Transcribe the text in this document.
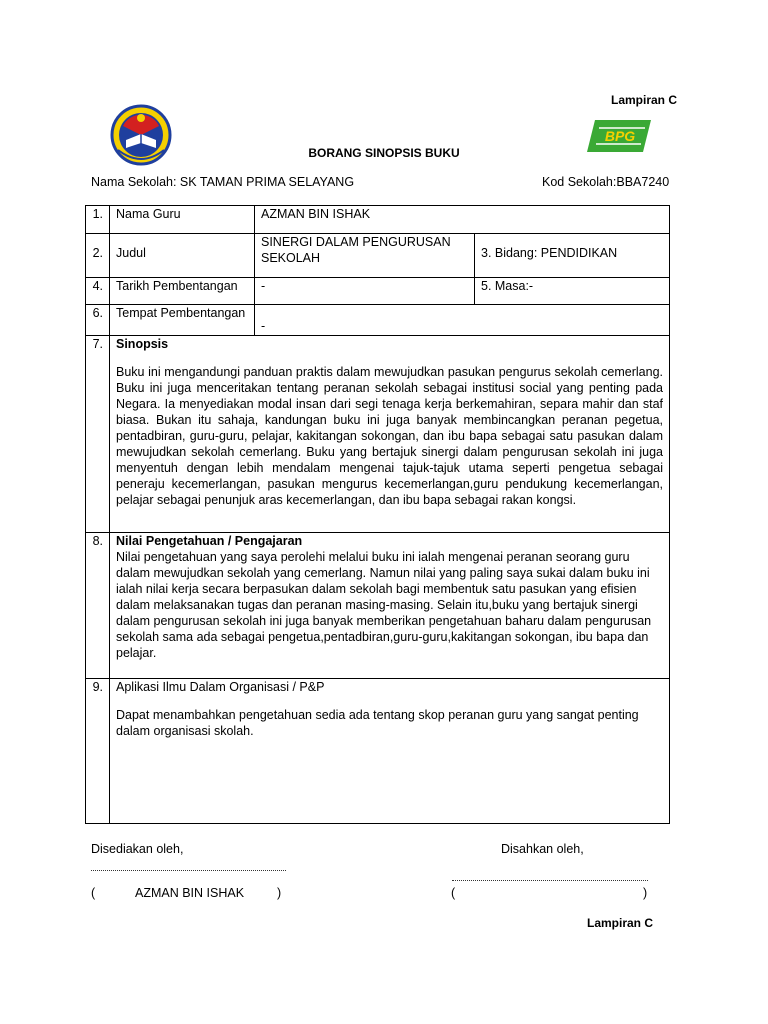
Lampiran C
BPG
BORANG SINOPSIS BUKU
Nama Sekolah: SK TAMAN PRIMA SELAYANG	Kod Sekolah:BBA7240
1.	Nama Guru	AZMAN BIN ISHAK	
2.	Judul	SINERGI DALAM PENGURUSAN SEKOLAH	3. Bidang: PENDIDIKAN
4.	Tarikh Pembentangan	-	5. Masa:-
6.	Tempat Pembentangan	-	
7.	Sinopsis
Buku ini mengandungi panduan praktis dalam mewujudkan pasukan pengurus sekolah cemerlang. Buku ini juga menceritakan tentang peranan sekolah sebagai institusi social yang penting pada Negara. Ia menyediakan modal insan dari segi tenaga kerja berkemahiran, separa mahir dan staf biasa. Bukan itu sahaja, kandungan buku ini juga banyak membincangkan peranan pegetua, pentadbiran, guru-guru, pelajar, kakitangan sokongan, dan ibu bapa sebagai satu pasukan dalam mewujudkan sekolah cemerlang. Buku yang bertajuk sinergi dalam pengurusan sekolah ini juga menyentuh dengan lebih mendalam mengenai tajuk-tajuk utama seperti pengetua sebagai peneraju kecemerlangan, pasukan mengurus kecemerlangan,guru pendukung kecemerlangan, pelajar sebagai penunjuk aras kecemerlangan, dan ibu bapa sebagai rakan kongsi.		

8.	Nilai Pengetahuan / Pengajaran
Nilai pengetahuan yang saya perolehi melalui buku ini ialah mengenai peranan seorang guru dalam mewujudkan sekolah yang cemerlang. Namun nilai yang paling saya sukai dalam buku ini ialah nilai kerja secara berpasukan dalam sekolah bagi membentuk satu pasukan yang efisien dalam melaksanakan tugas dan peranan masing-masing. Selain itu,buku yang bertajuk sinergi dalam pengurusan sekolah ini juga banyak memberikan pengetahuan baharu dalam pengurusan sekolah sama ada sebagai pengetua,pentadbiran,guru-guru,kakitangan sokongan, ibu bapa dan pelajar.		

9.	Aplikasi Ilmu Dalam Organisasi / P&P
Dapat menambahkan pengetahuan sedia ada tentang skop peranan guru yang sangat penting dalam organisasi skolah.		
Disediakan oleh,	Disahkan oleh,
(	AZMAN BIN ISHAK	)	(	)
Lampiran C
